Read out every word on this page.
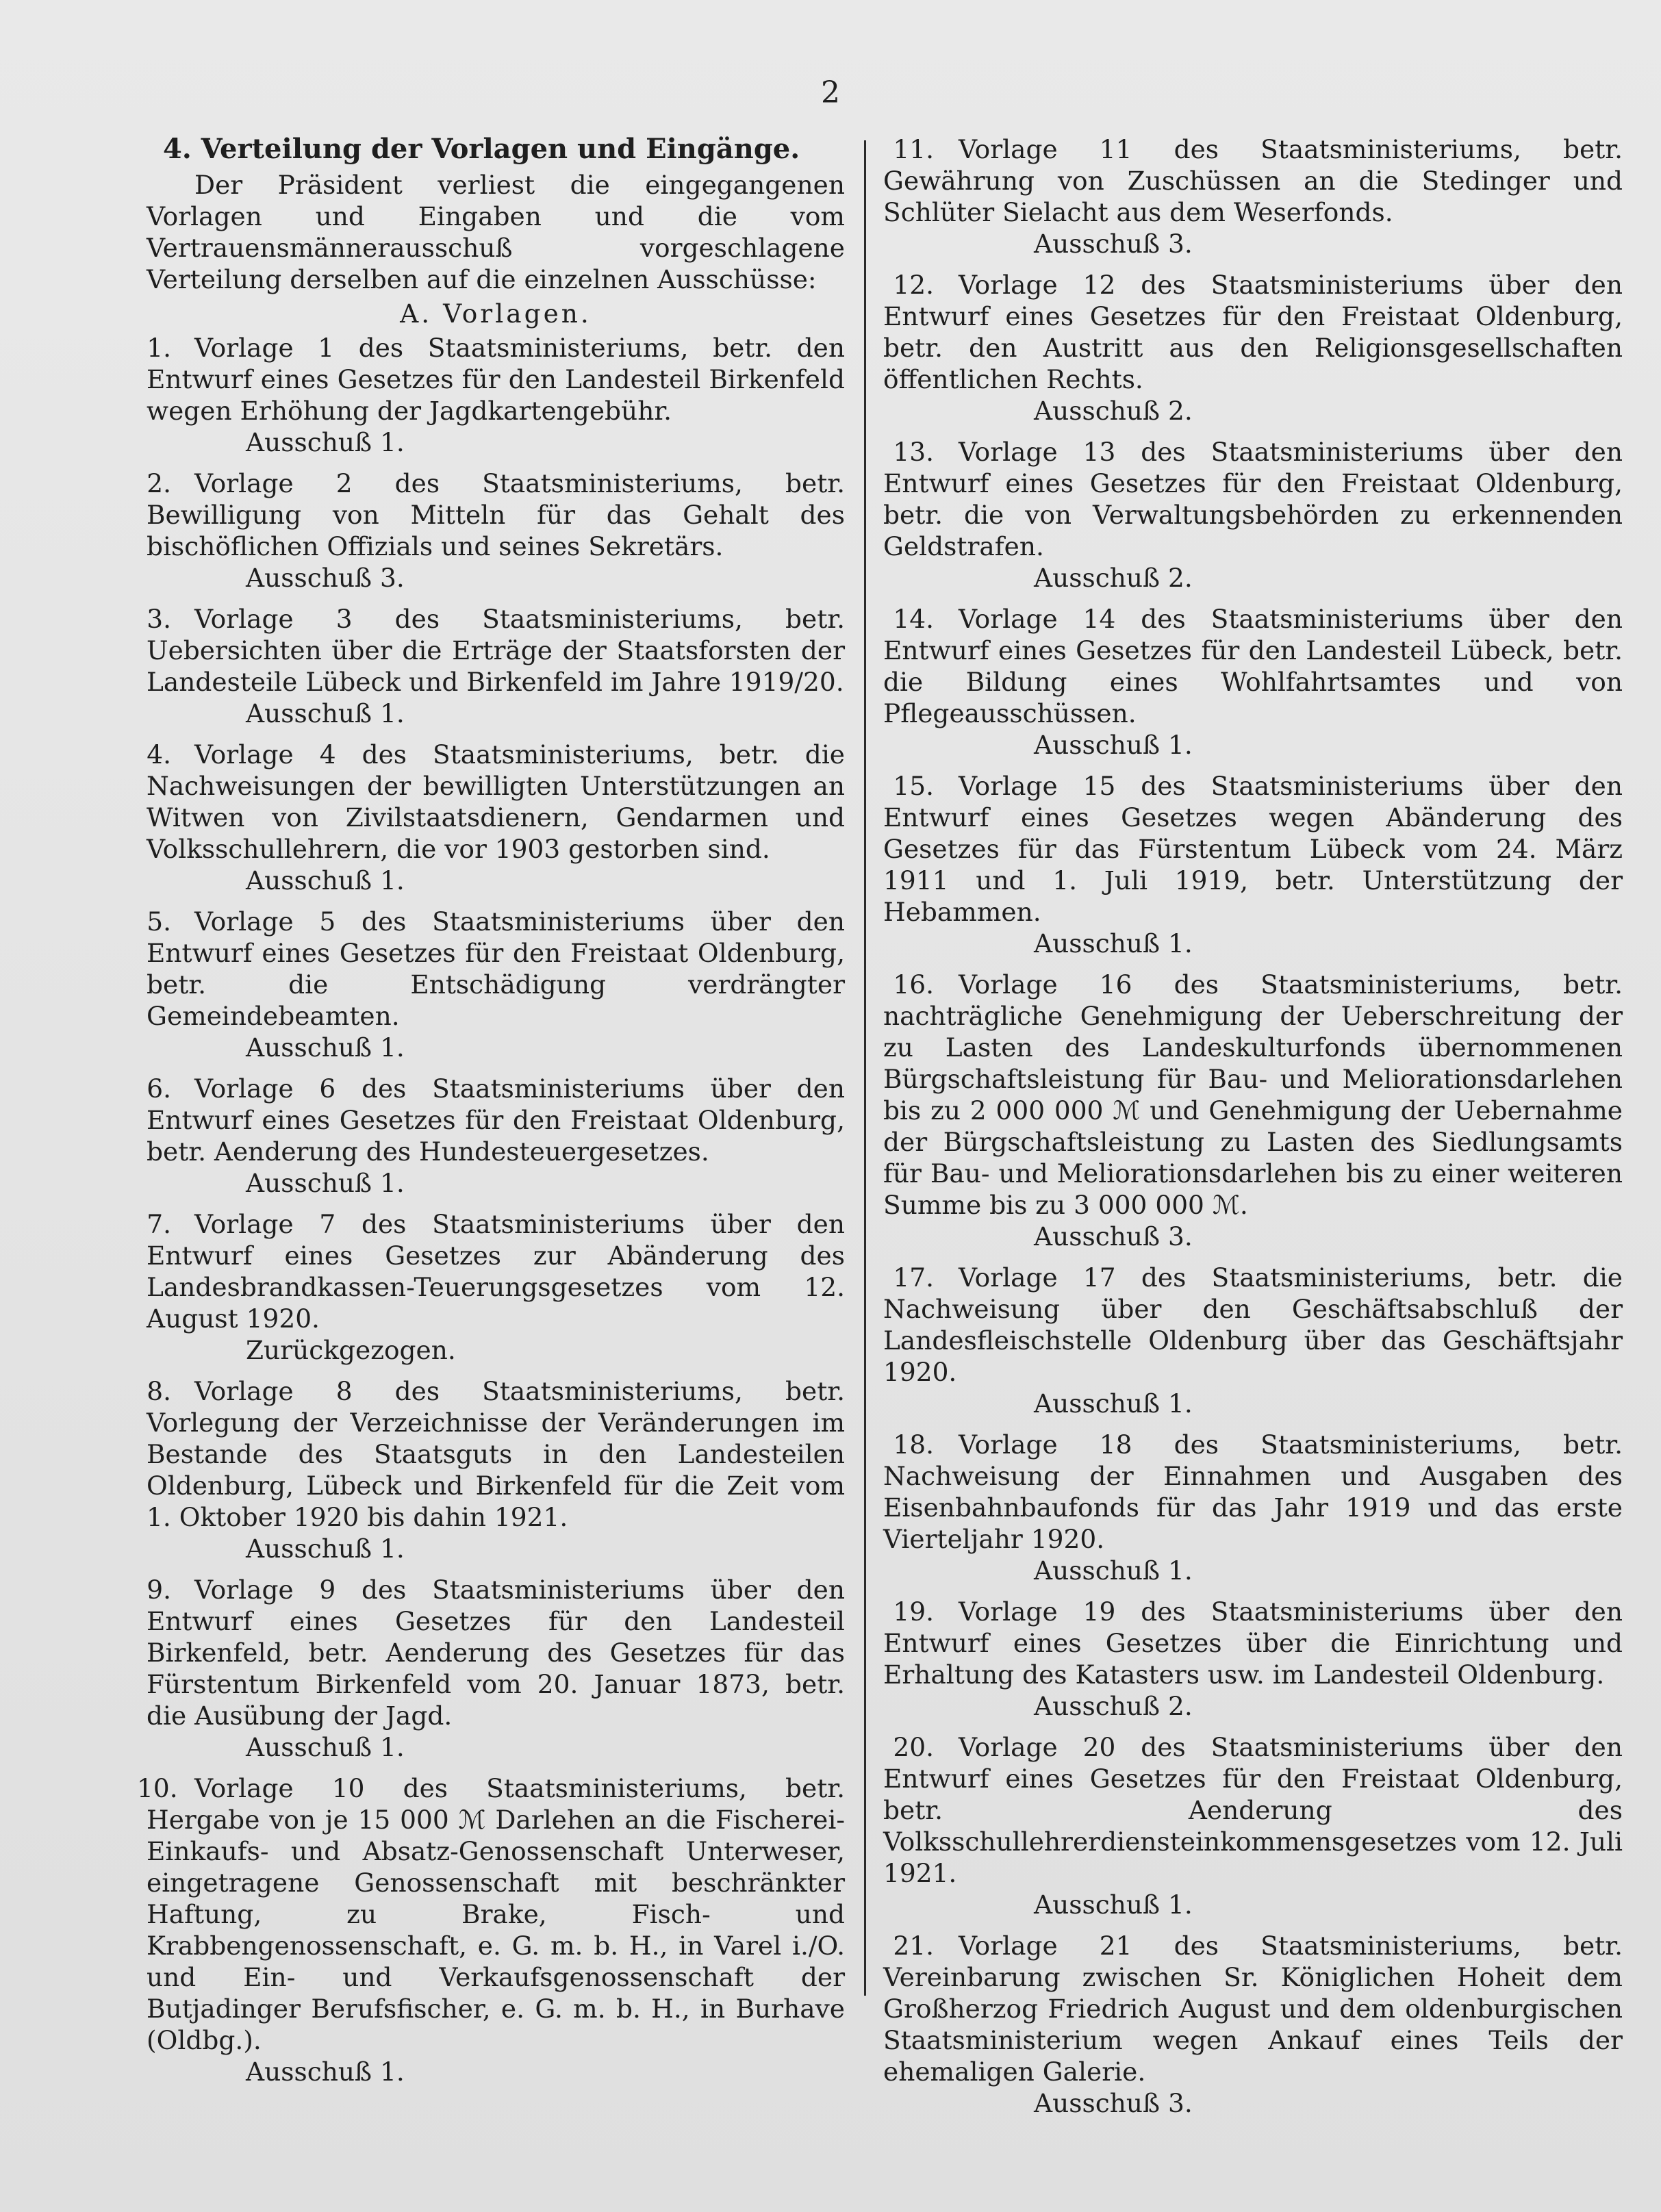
2
4. Verteilung der Vorlagen und Eingänge.

Der Präsident verliest die eingegangenen Vorlagen und Eingaben und die vom Vertrauensmännerausschuß vorgeschlagene Verteilung derselben auf die einzelnen Ausschüsse:

A. Vorlagen.

1. Vorlage 1 des Staatsministeriums, betr. den Entwurf eines Gesetzes für den Landesteil Birkenfeld wegen Erhöhung der Jagdkartengebühr.

Ausschuß 1.

2. Vorlage 2 des Staatsministeriums, betr. Bewilligung von Mitteln für das Gehalt des bischöflichen Offizials und seines Sekretärs.

Ausschuß 3.

3. Vorlage 3 des Staatsministeriums, betr. Uebersichten über die Erträge der Staatsforsten der Landesteile Lübeck und Birkenfeld im Jahre 1919/20.

Ausschuß 1.

4. Vorlage 4 des Staatsministeriums, betr. die Nachweisungen der bewilligten Unterstützungen an Witwen von Zivilstaatsdienern, Gendarmen und Volksschullehrern, die vor 1903 gestorben sind.

Ausschuß 1.

5. Vorlage 5 des Staatsministeriums über den Entwurf eines Gesetzes für den Freistaat Oldenburg, betr. die Entschädigung verdrängter Gemeindebeamten.

Ausschuß 1.

6. Vorlage 6 des Staatsministeriums über den Entwurf eines Gesetzes für den Freistaat Oldenburg, betr. Aenderung des Hundesteuergesetzes.

Ausschuß 1.

7. Vorlage 7 des Staatsministeriums über den Entwurf eines Gesetzes zur Abänderung des Landesbrandkassen-Teuerungsgesetzes vom 12. August 1920.

Zurückgezogen.

8. Vorlage 8 des Staatsministeriums, betr. Vorlegung der Verzeichnisse der Veränderungen im Bestande des Staatsguts in den Landesteilen Oldenburg, Lübeck und Birkenfeld für die Zeit vom 1. Oktober 1920 bis dahin 1921.

Ausschuß 1.

9. Vorlage 9 des Staatsministeriums über den Entwurf eines Gesetzes für den Landesteil Birkenfeld, betr. Aenderung des Gesetzes für das Fürstentum Birkenfeld vom 20. Januar 1873, betr. die Ausübung der Jagd.

Ausschuß 1.

10. Vorlage 10 des Staatsministeriums, betr. Hergabe von je 15 000 ℳ Darlehen an die Fischerei-Einkaufs- und Absatz-Genossenschaft Unterweser, eingetragene Genossenschaft mit beschränkter Haftung, zu Brake, Fisch- und Krabbengenossenschaft, e. G. m. b. H., in Varel i./O. und Ein- und Verkaufsgenossenschaft der Butjadinger Berufsfischer, e. G. m. b. H., in Burhave (Oldbg.).

Ausschuß 1.

11. Vorlage 11 des Staatsministeriums, betr. Gewährung von Zuschüssen an die Stedinger und Schlüter Sielacht aus dem Weserfonds.

Ausschuß 3.

12. Vorlage 12 des Staatsministeriums über den Entwurf eines Gesetzes für den Freistaat Oldenburg, betr. den Austritt aus den Religionsgesellschaften öffentlichen Rechts.

Ausschuß 2.

13. Vorlage 13 des Staatsministeriums über den Entwurf eines Gesetzes für den Freistaat Oldenburg, betr. die von Verwaltungsbehörden zu erkennenden Geldstrafen.

Ausschuß 2.

14. Vorlage 14 des Staatsministeriums über den Entwurf eines Gesetzes für den Landesteil Lübeck, betr. die Bildung eines Wohlfahrtsamtes und von Pflegeausschüssen.

Ausschuß 1.

15. Vorlage 15 des Staatsministeriums über den Entwurf eines Gesetzes wegen Abänderung des Gesetzes für das Fürstentum Lübeck vom 24. März 1911 und 1. Juli 1919, betr. Unterstützung der Hebammen.

Ausschuß 1.

16. Vorlage 16 des Staatsministeriums, betr. nachträgliche Genehmigung der Ueberschreitung der zu Lasten des Landeskulturfonds übernommenen Bürgschaftsleistung für Bau- und Meliorationsdarlehen bis zu 2 000 000 ℳ und Genehmigung der Uebernahme der Bürgschaftsleistung zu Lasten des Siedlungsamts für Bau- und Meliorationsdarlehen bis zu einer weiteren Summe bis zu 3 000 000 ℳ.

Ausschuß 3.

17. Vorlage 17 des Staatsministeriums, betr. die Nachweisung über den Geschäftsabschluß der Landesfleischstelle Oldenburg über das Geschäftsjahr 1920.

Ausschuß 1.

18. Vorlage 18 des Staatsministeriums, betr. Nachweisung der Einnahmen und Ausgaben des Eisenbahnbaufonds für das Jahr 1919 und das erste Vierteljahr 1920.

Ausschuß 1.

19. Vorlage 19 des Staatsministeriums über den Entwurf eines Gesetzes über die Einrichtung und Erhaltung des Katasters usw. im Landesteil Oldenburg.

Ausschuß 2.

20. Vorlage 20 des Staatsministeriums über den Entwurf eines Gesetzes für den Freistaat Oldenburg, betr. Aenderung des Volksschullehrerdiensteinkommensgesetzes vom 12. Juli 1921.

Ausschuß 1.

21. Vorlage 21 des Staatsministeriums, betr. Vereinbarung zwischen Sr. Königlichen Hoheit dem Großherzog Friedrich August und dem oldenburgischen Staatsministerium wegen Ankauf eines Teils der ehemaligen Galerie.

Ausschuß 3.
